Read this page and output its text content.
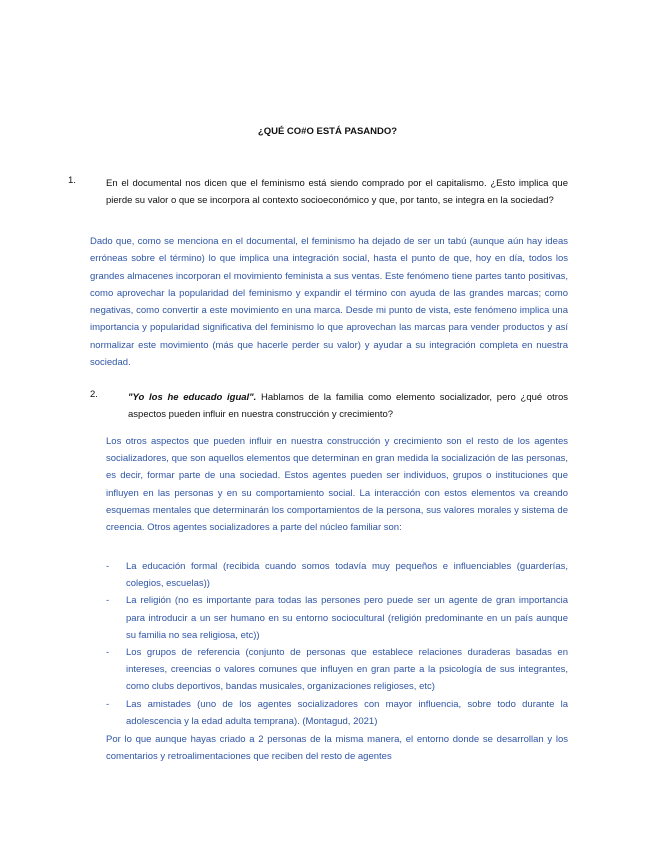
¿QUÉ CO#O ESTÁ PASANDO?
1.	En el documental nos dicen que el feminismo está siendo comprado por el capitalismo. ¿Esto implica que pierde su valor o que se incorpora al contexto socioeconómico y que, por tanto, se integra en la sociedad?
Dado que, como se menciona en el documental, el feminismo ha dejado de ser un tabú (aunque aún hay ideas erróneas sobre el término) lo que implica una integración social, hasta el punto de que, hoy en día, todos los grandes almacenes incorporan el movimiento feminista a sus ventas. Este fenómeno tiene partes tanto positivas, como aprovechar la popularidad del feminismo y expandir el término con ayuda de las grandes marcas; como negativas, como convertir a este movimiento en una marca. Desde mi punto de vista, este fenómeno implica una importancia y popularidad significativa del feminismo lo que aprovechan las marcas para vender productos y así normalizar este movimiento (más que hacerle perder su valor) y ayudar a su integración completa en nuestra sociedad.
2.	"Yo los he educado igual". Hablamos de la familia como elemento socializador, pero ¿qué otros aspectos pueden influir en nuestra construcción y crecimiento?
Los otros aspectos que pueden influir en nuestra construcción y crecimiento son el resto de los agentes socializadores, que son aquellos elementos que determinan en gran medida la socialización de las personas, es decir, formar parte de una sociedad. Estos agentes pueden ser individuos, grupos o instituciones que influyen en las personas y en su comportamiento social. La interacción con estos elementos va creando esquemas mentales que determinarán los comportamientos de la persona, sus valores morales y sistema de creencia. Otros agentes socializadores a parte del núcleo familiar son:
- La educación formal (recibida cuando somos todavía muy pequeños e influenciables (guarderías, colegios, escuelas))
- La religión (no es importante para todas las persones pero puede ser un agente de gran importancia para introducir a un ser humano en su entorno sociocultural (religión predominante en un país aunque su familia no sea religiosa, etc))
- Los grupos de referencia (conjunto de personas que establece relaciones duraderas basadas en intereses, creencias o valores comunes que influyen en gran parte a la psicología de sus integrantes, como clubs deportivos, bandas musicales, organizaciones religioses, etc)
- Las amistades (uno de los agentes socializadores con mayor influencia, sobre todo durante la adolescencia y la edad adulta temprana). (Montagud, 2021)
Por lo que aunque hayas criado a 2 personas de la misma manera, el entorno donde se desarrollan y los comentarios y retroalimentaciones que reciben del resto de agentes
